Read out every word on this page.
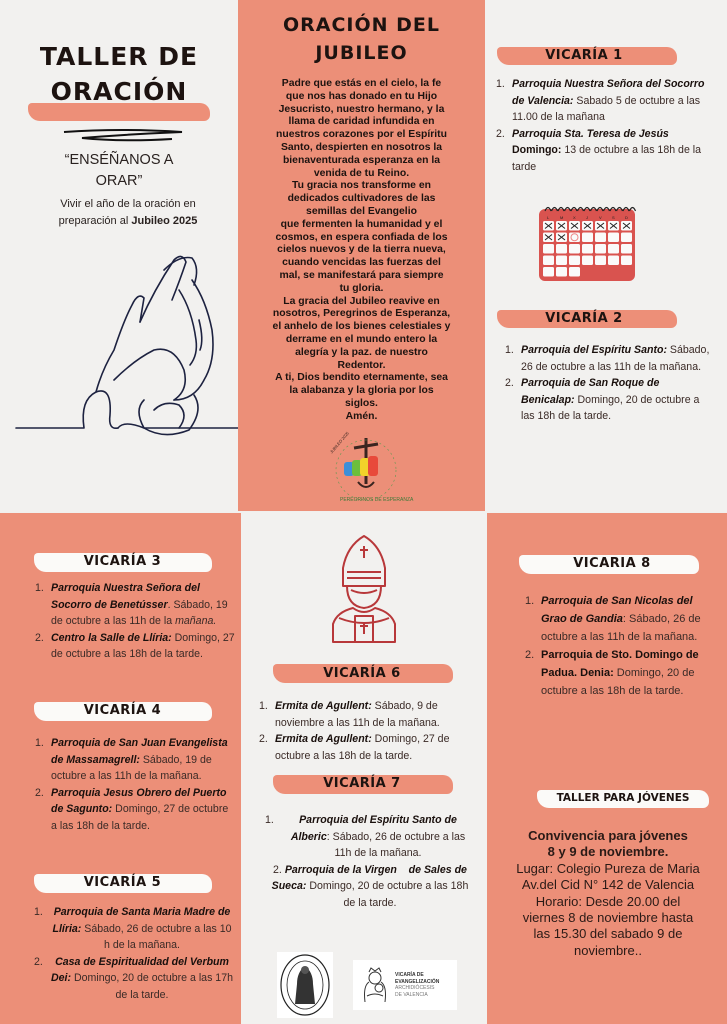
TALLER DE
ORACIÓN
“ENSÉÑANOS A
ORAR”
Vivir el año de la oración en preparación al Jubileo 2025
ORACIÓN DEL
JUBILEO
Padre que estás en el cielo, la fe
que nos has donado en tu Hijo
Jesucristo, nuestro hermano, y la
llama de caridad infundida en
nuestros corazones por el Espíritu
Santo, despierten en nosotros la
bienaventurada esperanza en la
venida de tu Reino.
Tu gracia nos transforme en
dedicados cultivadores de las
semillas del Evangelio
que fermenten la humanidad y el
cosmos, en espera confiada de los
cielos nuevos y de la tierra nueva,
cuando vencidas las fuerzas del
mal, se manifestará para siempre
tu gloria.
La gracia del Jubileo reavive en
nosotros, Peregrinos de Esperanza,
el anhelo de los bienes celestiales y
derrame en el mundo entero la
alegría y la paz. de nuestro
Redentor.
A ti, Dios bendito eternamente, sea
la alabanza y la gloria por los
siglos.
Amén.
JUBILEO 2025
PEREGRINOS DE ESPERANZA
VICARÍA 1
1. Parroquia Nuestra Señora del Socorro de Valencia: Sabado 5 de octubre a las 11.00 de la mañana
2. Parroquia Sta. Teresa de Jesús Domingo: 13 de octubre a las 18h de la tarde
L	M X	J	V	S	D
VICARÍA 2
1. Parroquia del Espíritu Santo: Sábado, 26 de octubre a las 11h de la mañana.
2. Parroquia de San Roque de Benicalap: Domingo, 20 de octubre a las 18h de la tarde.
VICARÍA 3
1. Parroquia Nuestra Señora del Socorro de Benetússer. Sábado, 19 de octubre a las 11h de la mañana.
2. Centro la Salle de Llíria: Domingo, 27 de octubre a las 18h de la tarde.
VICARÍA 4
1. Parroquia de San Juan Evangelista de Massamagrell: Sábado, 19 de octubre a las 11h de la mañana.
2. Parroquia Jesus Obrero del Puerto de Sagunto: Domingo, 27 de octubre a las 18h de la tarde.
VICARÍA 5
1. Parroquia de Santa Maria Madre de Llíria: Sábado, 26 de octubre a las 10 h de la mañana.
2. Casa de Espiritualidad del Verbum Dei: Domingo, 20 de octubre a las 17h de la tarde.
VICARÍA 6
1. Ermita de Agullent: Sábado, 9 de noviembre a las 11h de la mañana.
2. Ermita de Agullent: Domingo, 27 de octubre a las 18h de la tarde.
VICARÍA 7
1. Parroquia del Espíritu Santo de Alberic: Sábado, 26 de octubre a las 11h de la mañana.
2. Parroquia de la Virgen    de Sales de Sueca: Domingo, 20 de octubre a las 18h de la tarde.
VICARÍA DE
EVANGELIZACIÓN
ARCHIDIÓCESIS
DE VALENCIA
VICARIA 8
1. Parroquia de San Nicolas del Grao de Gandia: Sábado, 26 de octubre a las 11h de la mañana.
2. Parroquia de Sto. Domingo de Padua. Denia: Domingo, 20 de octubre a las 18h de la tarde.
TALLER PARA JÓVENES
Convivencia para jóvenes
8 y 9 de noviembre.
Lugar: Colegio Pureza de Maria Av.del Cid N° 142 de Valencia
Horario: Desde 20.00 del viernes 8 de noviembre hasta las 15.30 del sabado 9 de noviembre..
